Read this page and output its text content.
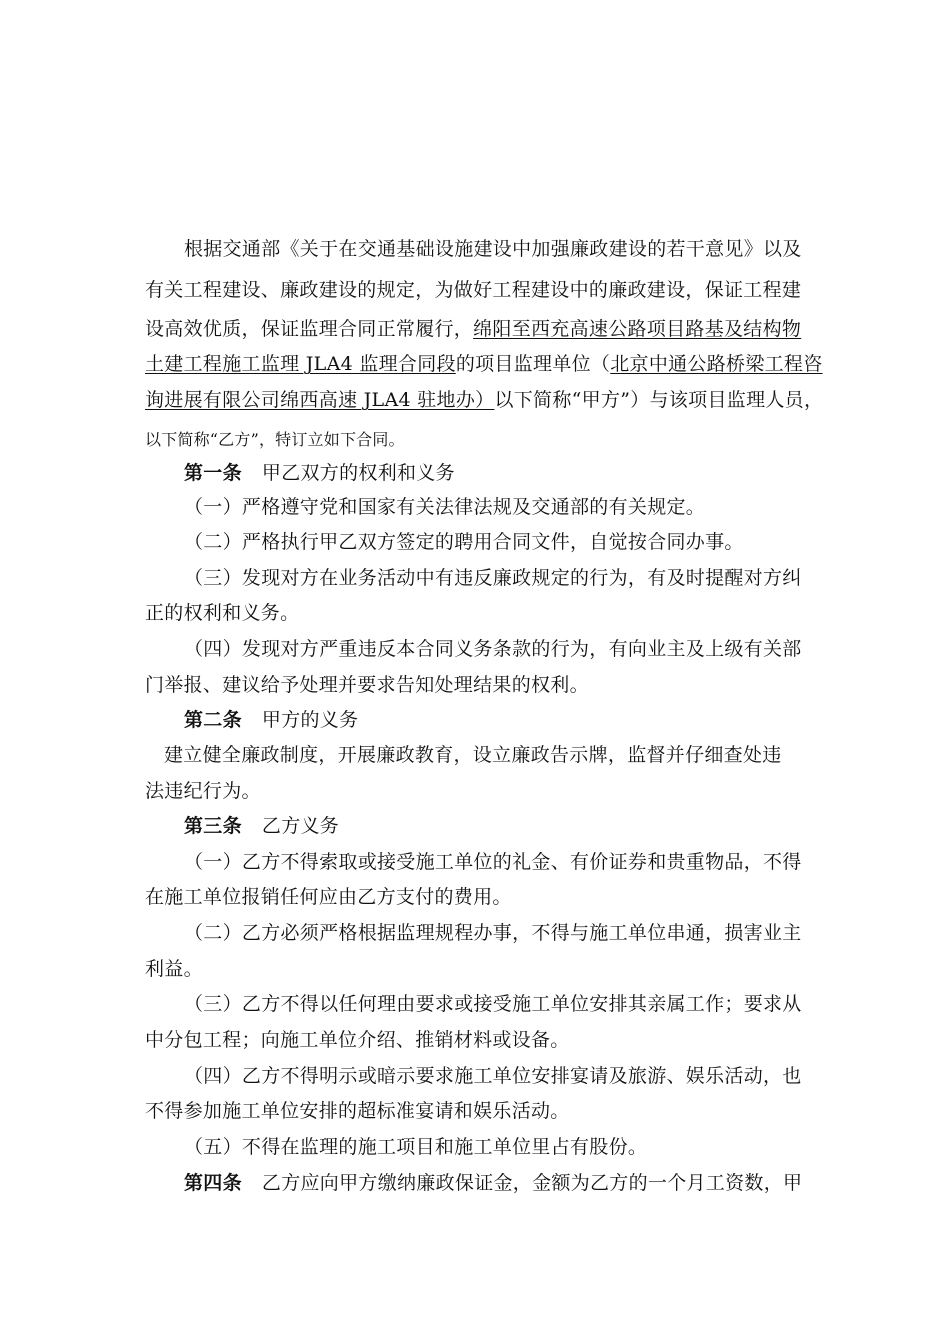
根据交通部《关于在交通基础设施建设中加强廉政建设的若干意见》以及
有关工程建设、廉政建设的规定，为做好工程建设中的廉政建设，保证工程建
设高效优质，保证监理合同正常履行，绵阳至西充高速公路项目路基及结构物
土建工程施工监理 JLA4 监理合同段的项目监理单位（北京中通公路桥梁工程咨
询进展有限公司绵西高速 JLA4 驻地办）以下简称“甲方”）与该项目监理人员，
以下简称“乙方”，特订立如下合同。
第一条 甲乙双方的权利和义务
（一）严格遵守党和国家有关法律法规及交通部的有关规定。
（二）严格执行甲乙双方签定的聘用合同文件，自觉按合同办事。
（三）发现对方在业务活动中有违反廉政规定的行为，有及时提醒对方纠
正的权利和义务。
（四）发现对方严重违反本合同义务条款的行为，有向业主及上级有关部
门举报、建议给予处理并要求告知处理结果的权利。
第二条 甲方的义务
建立健全廉政制度，开展廉政教育，设立廉政告示牌，监督并仔细查处违
法违纪行为。
第三条 乙方义务
（一）乙方不得索取或接受施工单位的礼金、有价证券和贵重物品，不得
在施工单位报销任何应由乙方支付的费用。
（二）乙方必须严格根据监理规程办事，不得与施工单位串通，损害业主
利益。
（三）乙方不得以任何理由要求或接受施工单位安排其亲属工作；要求从
中分包工程；向施工单位介绍、推销材料或设备。
（四）乙方不得明示或暗示要求施工单位安排宴请及旅游、娱乐活动，也
不得参加施工单位安排的超标准宴请和娱乐活动。
（五）不得在监理的施工项目和施工单位里占有股份。
第四条 乙方应向甲方缴纳廉政保证金，金额为乙方的一个月工资数，甲
